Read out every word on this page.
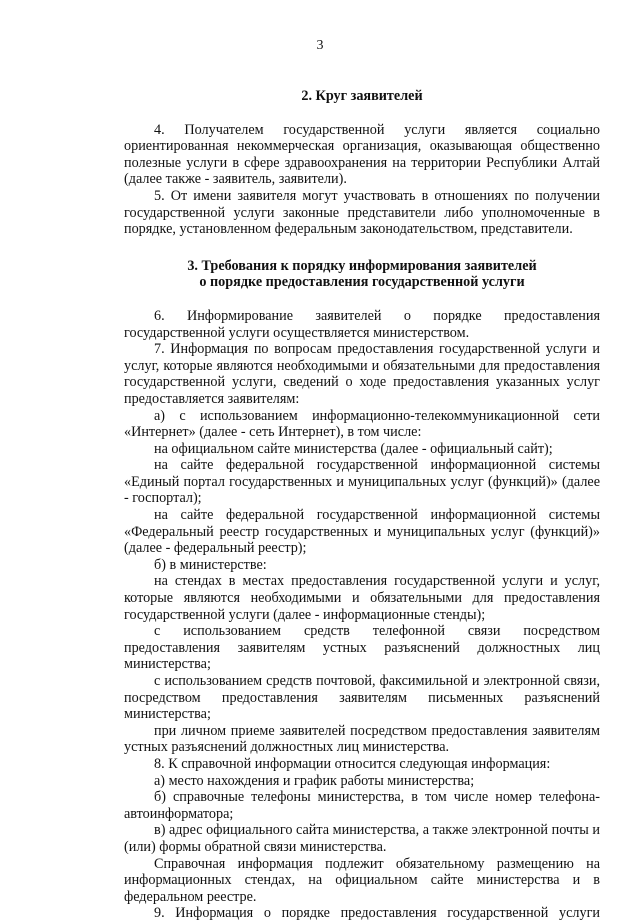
3

2. Круг заявителей

4. Получателем государственной услуги является социально ориентированная некоммерческая организация, оказывающая общественно полезные услуги в сфере здравоохранения на территории Республики Алтай (далее также - заявитель, заявители).

5. От имени заявителя могут участвовать в отношениях по получении государственной услуги законные представители либо уполномоченные в порядке, установленном федеральным законодательством, представители.

3. Требования к порядку информирования заявителей

о порядке предоставления государственной услуги

6. Информирование заявителей о порядке предоставления государственной услуги осуществляется министерством.

7. Информация по вопросам предоставления государственной услуги и услуг, которые являются необходимыми и обязательными для предоставления государственной услуги, сведений о ходе предоставления указанных услуг предоставляется заявителям:

а) с использованием информационно-телекоммуникационной сети «Интернет» (далее - сеть Интернет), в том числе:

на официальном сайте министерства (далее - официальный сайт);

на сайте федеральной государственной информационной системы «Единый портал государственных и муниципальных услуг (функций)» (далее - госпортал);

на сайте федеральной государственной информационной системы «Федеральный реестр государственных и муниципальных услуг (функций)» (далее - федеральный реестр);

б) в министерстве:

на стендах в местах предоставления государственной услуги и услуг, которые являются необходимыми и обязательными для предоставления государственной услуги (далее - информационные стенды);

с использованием средств телефонной связи посредством предоставления заявителям устных разъяснений должностных лиц министерства;

с использованием средств почтовой, факсимильной и электронной связи, посредством предоставления заявителям письменных разъяснений министерства;

при личном приеме заявителей посредством предоставления заявителям устных разъяснений должностных лиц министерства.

8. К справочной информации относится следующая информация:

а) место нахождения и график работы министерства;

б) справочные телефоны министерства, в том числе номер телефона-автоинформатора;

в) адрес официального сайта министерства, а также электронной почты и (или) формы обратной связи министерства.

Справочная информация подлежит обязательному размещению на информационных стендах, на официальном сайте министерства и в федеральном реестре.

9. Информация о порядке предоставления государственной услуги
